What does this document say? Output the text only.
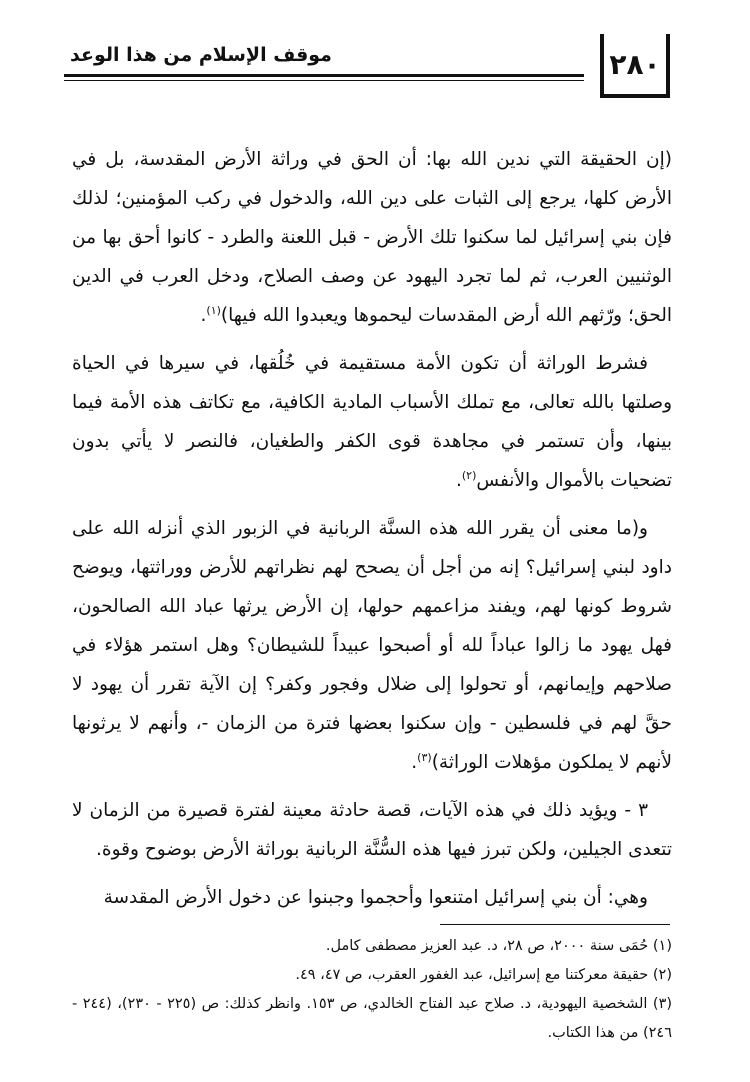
موقف الإسلام من هذا الوعد	٢٨٠

(إن الحقيقة التي ندين الله بها: أن الحق في وراثة الأرض المقدسة، بل في الأرض كلها، يرجع إلى الثبات على دين الله، والدخول في ركب المؤمنين؛ لذلك فإن بني إسرائيل لما سكنوا تلك الأرض - قبل اللعنة والطرد - كانوا أحق بها من الوثنيين العرب، ثم لما تجرد اليهود عن وصف الصلاح، ودخل العرب في الدين الحق؛ ورّثهم الله أرض المقدسات ليحموها ويعبدوا الله فيها)$^{(١)}$.

فشرط الوراثة أن تكون الأمة مستقيمة في خُلُقها، في سيرها في الحياة وصلتها بالله تعالى، مع تملك الأسباب المادية الكافية، مع تكاتف هذه الأمة فيما بينها، وأن تستمر في مجاهدة قوى الكفر والطغيان، فالنصر لا يأتي بدون تضحيات بالأموال والأنفس$^{(٢)}$.

و(ما معنى أن يقرر الله هذه السنَّة الربانية في الزبور الذي أنزله الله على داود لبني إسرائيل؟ إنه من أجل أن يصحح لهم نظراتهم للأرض ووراثتها، ويوضح شروط كونها لهم، ويفند مزاعمهم حولها، إن الأرض يرثها عباد الله الصالحون، فهل يهود ما زالوا عباداً لله أو أصبحوا عبيداً للشيطان؟ وهل استمر هؤلاء في صلاحهم وإيمانهم، أو تحولوا إلى ضلال وفجور وكفر؟ إن الآية تقرر أن يهود لا حقَّ لهم في فلسطين - وإن سكنوا بعضها فترة من الزمان -، وأنهم لا يرثونها لأنهم لا يملكون مؤهلات الوراثة)$^{(٣)}$.

٣ - ويؤيد ذلك في هذه الآيات، قصة حادثة معينة لفترة قصيرة من الزمان لا تتعدى الجيلين، ولكن تبرز فيها هذه السُّنَّة الربانية بوراثة الأرض بوضوح وقوة.

وهي: أن بني إسرائيل امتنعوا وأحجموا وجبنوا عن دخول الأرض المقدسة

(١) حُمَى سنة ٢٠٠٠، ص ٢٨، د. عبد العزيز مصطفى كامل.
(٢) حقيقة معركتنا مع إسرائيل، عبد الغفور العقرب، ص ٤٧، ٤٩.
(٣) الشخصية اليهودية، د. صلاح عبد الفتاح الخالدي، ص ١٥٣. وانظر كذلك: ص (٢٢٥ - ٢٣٠)، (٢٤٤ - ٢٤٦) من هذا الكتاب.
